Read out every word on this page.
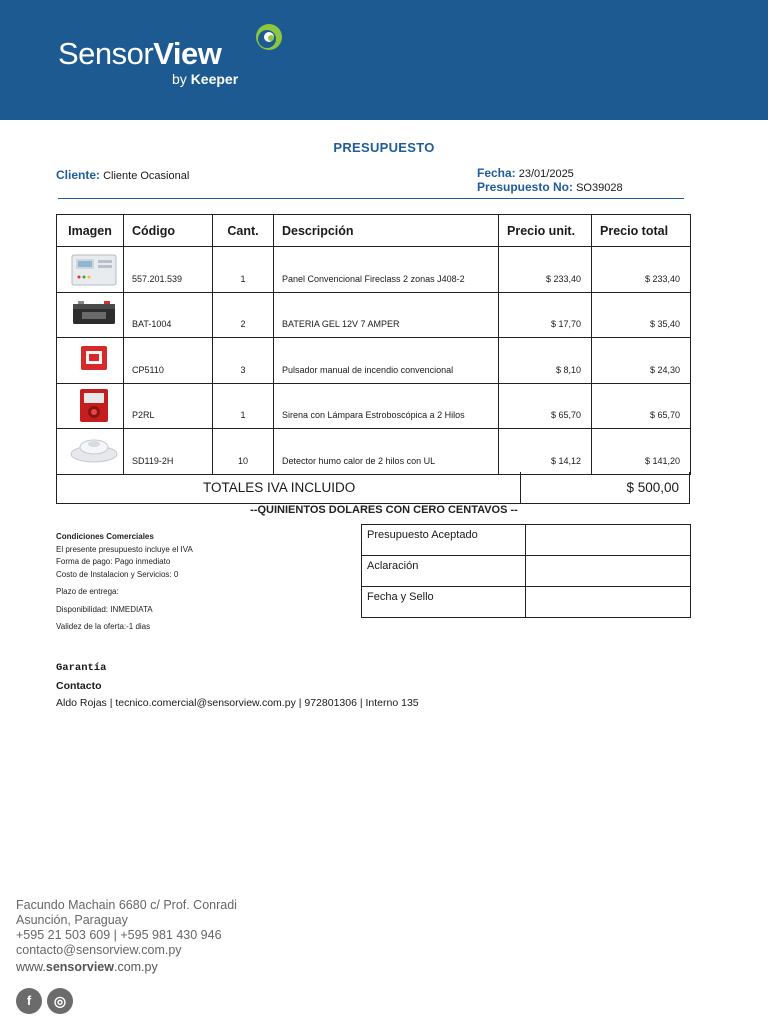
SensorView
by Keeper
PRESUPUESTO
Cliente: Cliente Ocasional	Fecha: 23/01/2025
Presupuesto No: SO39028
Imagen	Código	Cant.	Descripción	Precio unit.	Precio total

	557.201.539	1	Panel Convencional Fireclass 2 zonas J408-2	$ 233,40	$ 233,40

	BAT-1004	2	BATERIA GEL 12V 7 AMPER	$ 17,70	$ 35,40

	CP5110	3	Pulsador manual de incendio convencional	$ 8,10	$ 24,30

	P2RL	1	Sirena con Lámpara Estroboscópica a 2 Hilos	$ 65,70	$ 65,70

	SD119-2H	10	Detector humo calor de 2 hilos con UL	$ 14,12	$ 141,20
TOTALES IVA INCLUIDO	$ 500,00
--QUINIENTOS DOLARES CON CERO CENTAVOS --
Condiciones Comerciales
El presente presupuesto incluye el IVA
Forma de pago: Pago inmediato
Costo de Instalacion y Servicios: 0
Plazo de entrega:
Disponibilidad: INMEDIATA
Validez de la oferta:-1 dias
Presupuesto Aceptado	
Aclaración	
Fecha y Sello	
Garantía
Contacto
Aldo Rojas | tecnico.comercial@sensorview.com.py | 972801306 | Interno 135
Facundo Machain 6680 c/ Prof. Conradi
Asunción, Paraguay
+595 21 503 609 | +595 981 430 946
contacto@sensorview.com.py
www.sensorview.com.py
f	◎
